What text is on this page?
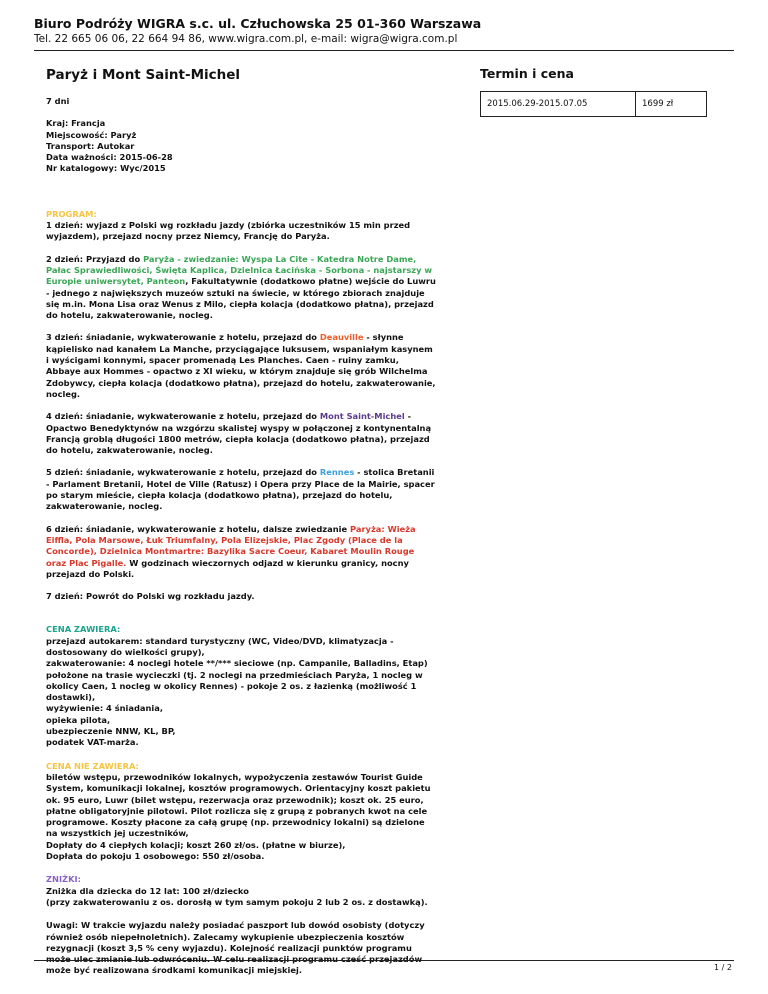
Biuro Podróży WIGRA s.c. ul. Człuchowska 25 01-360 Warszawa
Tel. 22 665 06 06, 22 664 94 86, www.wigra.com.pl, e-mail: wigra@wigra.com.pl
Paryż i Mont Saint-Michel
7 dni
Kraj: Francja
Miejscowość: Paryż
Transport: Autokar
Data ważności: 2015-06-28
Nr katalogowy: Wyc/2015
PROGRAM:
1 dzień: wyjazd z Polski wg rozkładu jazdy (zbiórka uczestników 15 min przed wyjazdem), przejazd nocny przez Niemcy, Francję do Paryża.
2 dzień: Przyjazd do Paryża - zwiedzanie: Wyspa La Cite - Katedra Notre Dame, Pałac Sprawiedliwości, Święta Kaplica, Dzielnica Łacińska - Sorbona - najstarszy w Europie uniwersytet, Panteon, Fakultatywnie (dodatkowo płatne) wejście do Luwru - jednego z największych muzeów sztuki na świecie, w którego zbiorach znajduje się m.in. Mona Lisa oraz Wenus z Milo, ciepła kolacja (dodatkowo płatna), przejazd do hotelu, zakwaterowanie, nocleg.
3 dzień: śniadanie, wykwaterowanie z hotelu, przejazd do Deauville - słynne kąpielisko nad kanałem La Manche, przyciągające luksusem, wspaniałym kasynem i wyścigami konnymi, spacer promenadą Les Planches. Caen - ruiny zamku, Abbaye aux Hommes - opactwo z XI wieku, w którym znajduje się grób Wilchelma Zdobywcy, ciepła kolacja (dodatkowo płatna), przejazd do hotelu, zakwaterowanie, nocleg.
4 dzień: śniadanie, wykwaterowanie z hotelu, przejazd do Mont Saint-Michel - Opactwo Benedyktynów na wzgórzu skalistej wyspy w połączonej z kontynentalną Francją groblą długości 1800 metrów, ciepła kolacja (dodatkowo płatna), przejazd do hotelu, zakwaterowanie, nocleg.
5 dzień: śniadanie, wykwaterowanie z hotelu, przejazd do Rennes - stolica Bretanii - Parlament Bretanii, Hotel de Ville (Ratusz) i Opera przy Place de la Mairie, spacer po starym mieście, ciepła kolacja (dodatkowo płatna), przejazd do hotelu, zakwaterowanie, nocleg.
6 dzień: śniadanie, wykwaterowanie z hotelu, dalsze zwiedzanie Paryża: Wieża Eiffla, Pola Marsowe, Łuk Triumfalny, Pola Elizejskie, Plac Zgody (Place de la Concorde), Dzielnica Montmartre: Bazylika Sacre Coeur, Kabaret Moulin Rouge oraz Plac Pigalle. W godzinach wieczornych odjazd w kierunku granicy, nocny przejazd do Polski.
7 dzień: Powrót do Polski wg rozkładu jazdy.
CENA ZAWIERA:
przejazd autokarem: standard turystyczny (WC, Video/DVD, klimatyzacja - dostosowany do wielkości grupy),
zakwaterowanie: 4 noclegi hotele **/*** sieciowe (np. Campanile, Balladins, Etap) położone na trasie wycieczki (tj. 2 noclegi na przedmieściach Paryża, 1 nocleg w okolicy Caen, 1 nocleg w okolicy Rennes) - pokoje 2 os. z łazienką (możliwość 1 dostawki),
wyżywienie: 4 śniadania,
opieka pilota,
ubezpieczenie NNW, KL, BP,
podatek VAT-marża.
CENA NIE ZAWIERA:
biletów wstępu, przewodników lokalnych, wypożyczenia zestawów Tourist Guide System, komunikacji lokalnej, kosztów programowych. Orientacyjny koszt pakietu ok. 95 euro, Luwr (bilet wstępu, rezerwacja oraz przewodnik); koszt ok. 25 euro, płatne obligatoryjnie pilotowi. Pilot rozlicza się z grupą z pobranych kwot na cele programowe. Koszty płacone za całą grupę (np. przewodnicy lokalni) są dzielone na wszystkich jej uczestników,
Dopłaty do 4 ciepłych kolacji; koszt 260 zł/os. (płatne w biurze),
Dopłata do pokoju 1 osobowego: 550 zł/osoba.
ZNIŻKI:
Zniżka dla dziecka do 12 lat: 100 zł/dziecko
(przy zakwaterowaniu z os. dorosłą w tym samym pokoju 2 lub 2 os. z dostawką).
Uwagi: W trakcie wyjazdu należy posiadać paszport lub dowód osobisty (dotyczy również osób niepełnoletnich). Zalecamy wykupienie ubezpieczenia kosztów rezygnacji (koszt 3,5 % ceny wyjazdu). Kolejność realizacji punktów programu może ulec zmianie lub odwróceniu. W celu realizacji programu cześć przejazdów może być realizowana środkami komunikacji miejskiej.
Termin i cena
2015.06.29-2015.07.05	1699 zł
1 / 2
